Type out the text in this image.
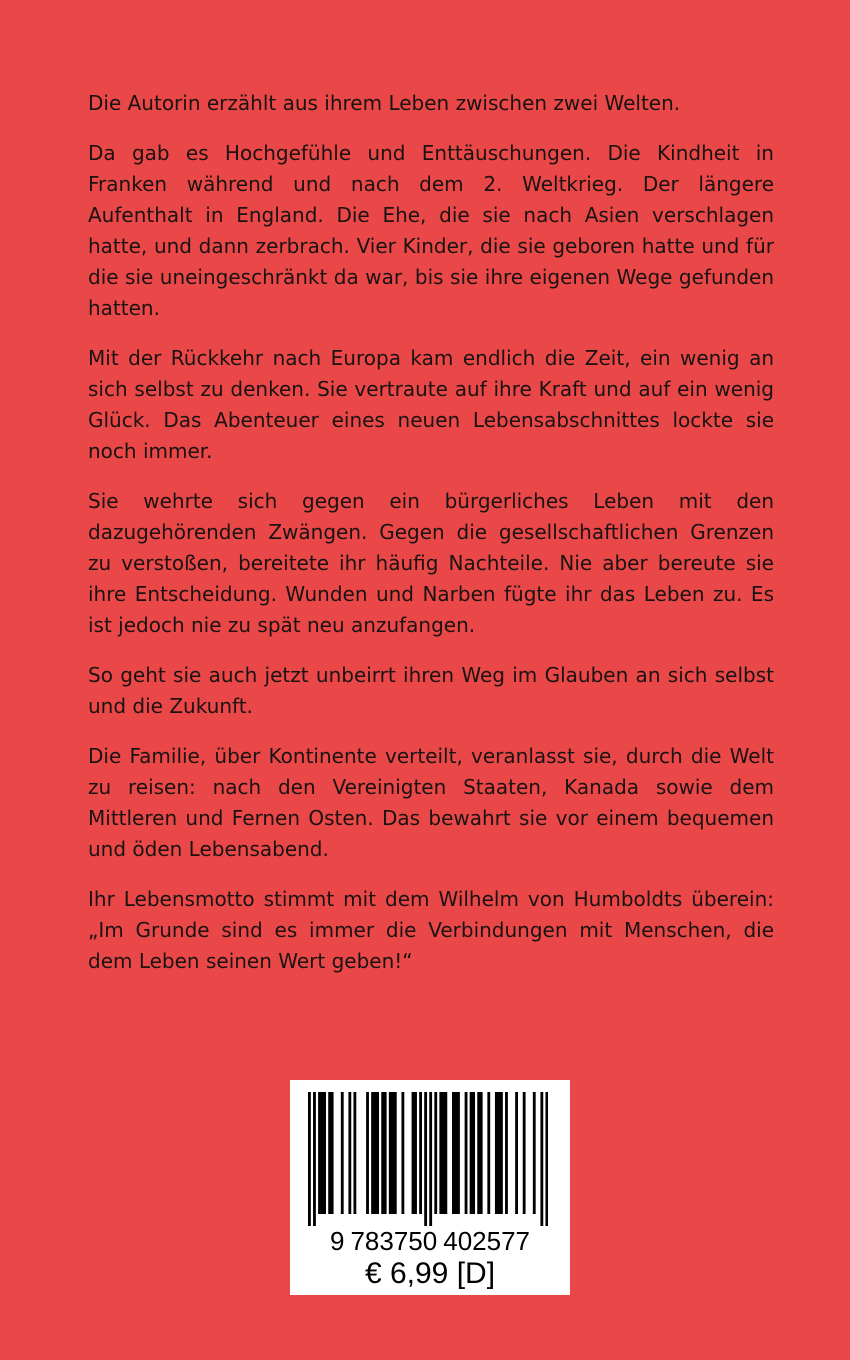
Die Autorin erzählt aus ihrem Leben zwischen zwei Welten.

Da gab es Hochgefühle und Enttäuschungen. Die Kindheit in Franken während und nach dem 2. Weltkrieg. Der längere Aufenthalt in England. Die Ehe, die sie nach Asien verschlagen hatte, und dann zerbrach. Vier Kinder, die sie geboren hatte und für die sie uneingeschränkt da war, bis sie ihre eigenen Wege gefunden hatten.

Mit der Rückkehr nach Europa kam endlich die Zeit, ein wenig an sich selbst zu denken. Sie vertraute auf ihre Kraft und auf ein wenig Glück. Das Abenteuer eines neuen Lebensabschnittes lockte sie noch immer.

Sie wehrte sich gegen ein bürgerliches Leben mit den dazugehörenden Zwängen. Gegen die gesellschaftlichen Grenzen zu verstoßen, bereitete ihr häufig Nachteile. Nie aber bereute sie ihre Entscheidung. Wunden und Narben fügte ihr das Leben zu. Es ist jedoch nie zu spät neu anzufangen.

So geht sie auch jetzt unbeirrt ihren Weg im Glauben an sich selbst und die Zukunft.

Die Familie, über Kontinente verteilt, veranlasst sie, durch die Welt zu reisen: nach den Vereinigten Staaten, Kanada sowie dem Mittleren und Fernen Osten. Das bewahrt sie vor einem bequemen und öden Lebensabend.

Ihr Lebensmotto stimmt mit dem Wilhelm von Humboldts überein: „Im Grunde sind es immer die Verbindungen mit Menschen, die dem Leben seinen Wert geben!“

9 783750 402577
€ 6,99 [D]
